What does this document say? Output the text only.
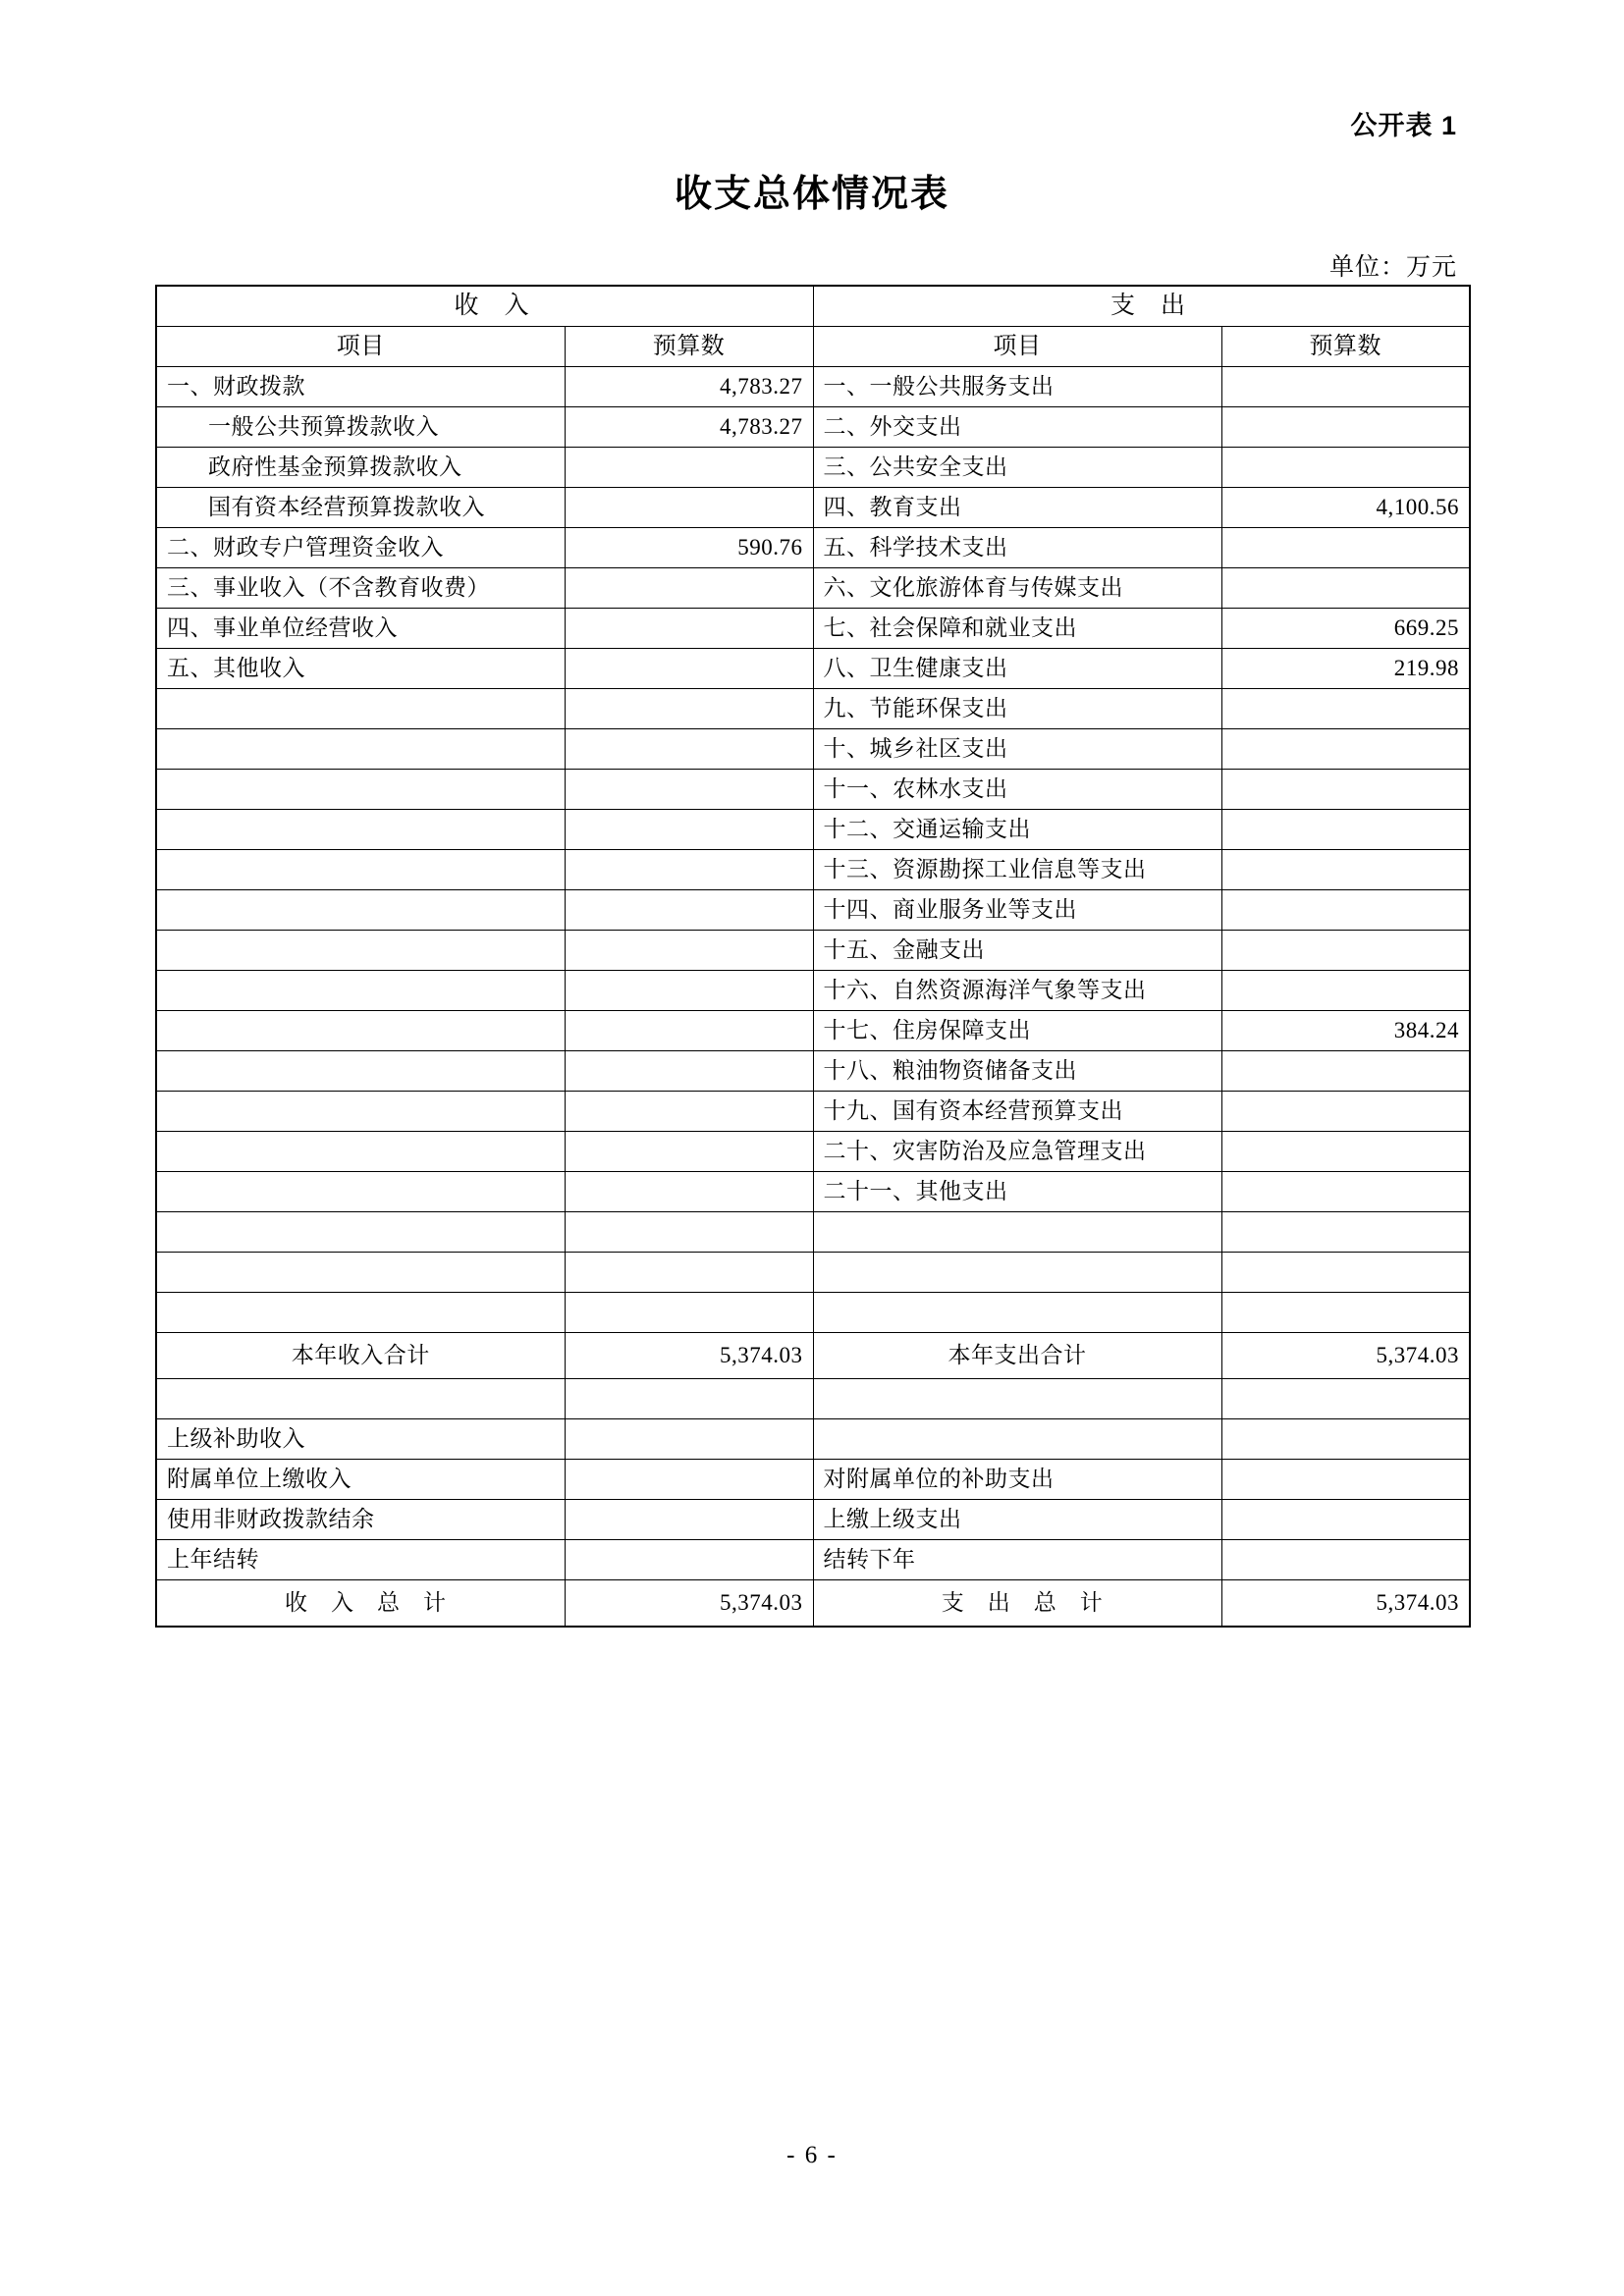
公开表 1
收支总体情况表
单位：万元
收　入		支　出	
项目	预算数	项目	预算数
一、财政拨款	4,783.27	一、一般公共服务支出	
一般公共预算拨款收入	4,783.27	二、外交支出	
政府性基金预算拨款收入		三、公共安全支出	
国有资本经营预算拨款收入		四、教育支出	4,100.56
二、财政专户管理资金收入	590.76	五、科学技术支出	
三、事业收入（不含教育收费）		六、文化旅游体育与传媒支出	
四、事业单位经营收入		七、社会保障和就业支出	669.25
五、其他收入		八、卫生健康支出	219.98
		九、节能环保支出	
		十、城乡社区支出	
		十一、农林水支出	
		十二、交通运输支出	
		十三、资源勘探工业信息等支出	
		十四、商业服务业等支出	
		十五、金融支出	
		十六、自然资源海洋气象等支出	
		十七、住房保障支出	384.24
		十八、粮油物资储备支出	
		十九、国有资本经营预算支出	
		二十、灾害防治及应急管理支出	
		二十一、其他支出	

本年收入合计	5,374.03	本年支出合计	5,374.03

上级补助收入			
附属单位上缴收入		对附属单位的补助支出	
使用非财政拨款结余		上缴上级支出	
上年结转		结转下年	
收　入　总　计	5,374.03	支　出　总　计	5,374.03
- 6 -
